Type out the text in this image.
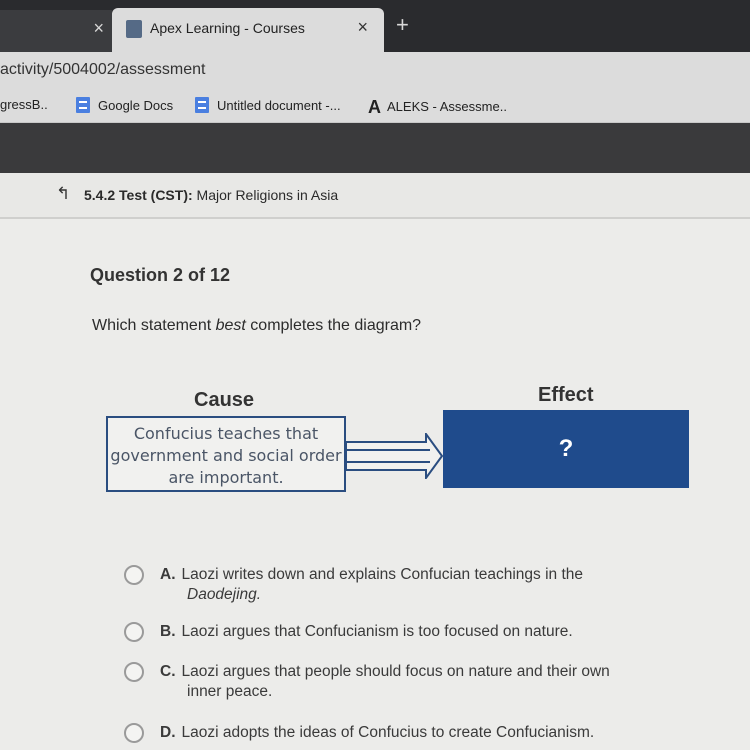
×	Apex Learning - Courses	× +
activity/5004002/assessment
gressB..	Google Docs	Untitled document -... A ALEKS - Assessme..
↰ 5.4.2 Test (CST): Major Religions in Asia
Question 2 of 12
Which statement best completes the diagram?
Cause	Effect
Confucius teaches that government and social order are important.
?
A. Laozi writes down and explains Confucian teachings in the
Daodejing.
B. Laozi argues that Confucianism is too focused on nature.
C. Laozi argues that people should focus on nature and their own
inner peace.
D. Laozi adopts the ideas of Confucius to create Confucianism.
